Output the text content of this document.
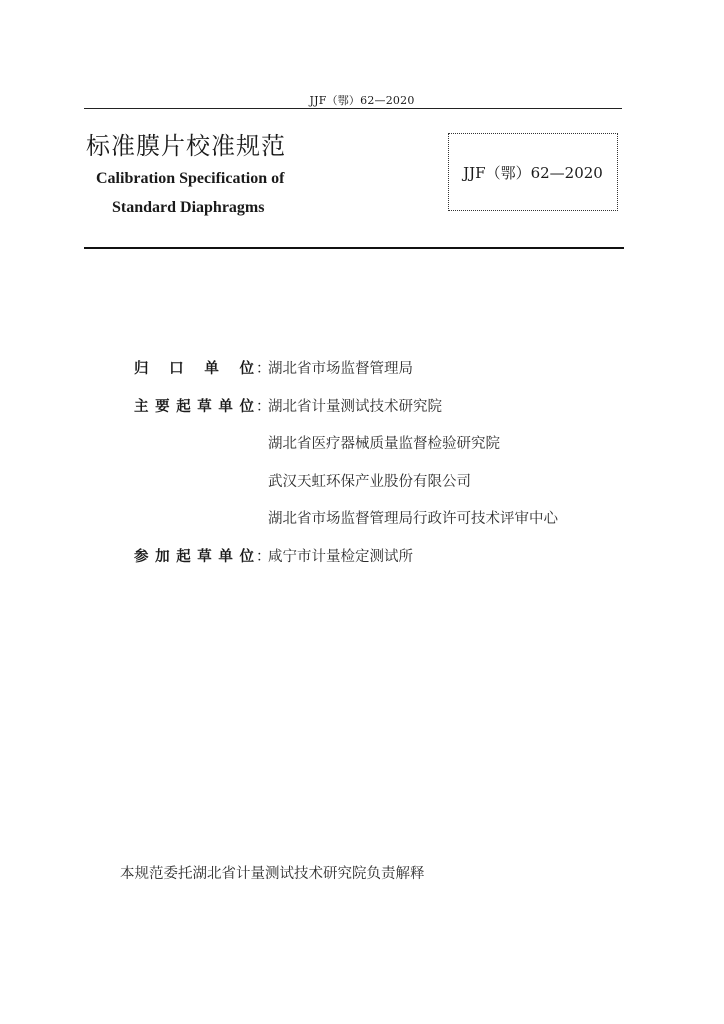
JJF（鄂）62—2020
标准膜片校准规范
Calibration Specification of
Standard Diaphragms
JJF（鄂）62—2020
归口单位 ：
湖北省市场监督管理局
主要起草单位 ：
湖北省计量测试技术研究院
湖北省医疗器械质量监督检验研究院
武汉天虹环保产业股份有限公司
湖北省市场监督管理局行政许可技术评审中心
参加起草单位 ：
咸宁市计量检定测试所
本规范委托湖北省计量测试技术研究院负责解释
